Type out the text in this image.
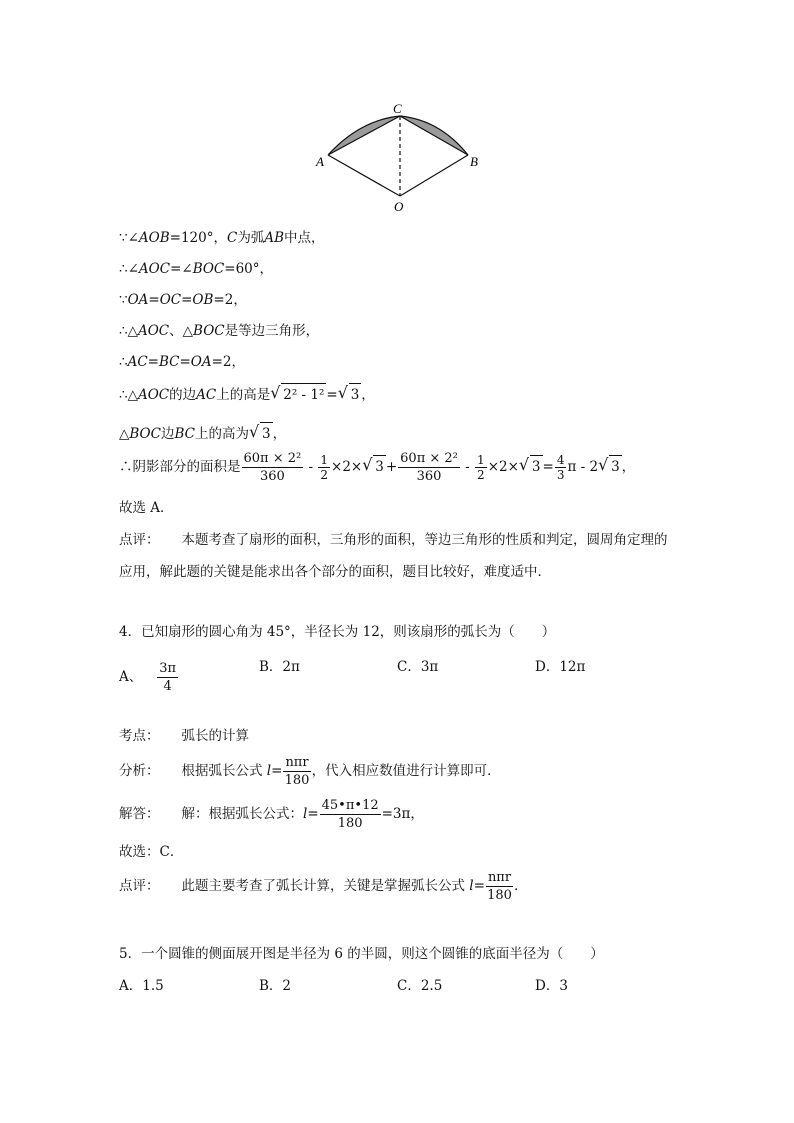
A	B
C
O
∵∠AOB=120°，C为弧AB中点，
∴∠AOC=∠BOC=60°，
∵OA=OC=OB=2，
∴△AOC、△BOC是等边三角形，
∴AC=BC=OA=2，
∴△AOC的边AC上的高是 √ 2² - 1² = √ 3 ，
△BOC边BC上的高为 √ 3 ，
∴阴影部分的面积是 $\frac{\text{60π × 2²}}{360} - \frac{1}{2} \times 2\times$ √ $3 + \frac{\text{60π × 2²}}{360} - \frac{1}{2} \times 2\times$ √ $3 = \frac{4}{3}$ π - 2 √ 3 ，
故选 A．
点评： 本题考查了扇形的面积，三角形的面积，等边三角形的性质和判定，圆周角定理的
应用，解此题的关键是能求出各个部分的面积，题目比较好，难度适中．
4．已知扇形的圆心角为 45°，半径长为 12，则该扇形的弧长为（　　）
A、 $\frac{3\pi}{4}$	B．2π	C．3π	D．12π
考点： 弧长的计算
分析： 根据弧长公式 $l= \frac{\text{nπr}}{180}$ ，代入相应数值进行计算即可．
解答： 解：根据弧长公式：$l= \frac{45•\pi•12}{180} =3\pi$，
故选：C．
点评： 此题主要考查了弧长计算，关键是掌握弧长公式 $l= \frac{\text{nπr}}{180}$ ．
5．一个圆锥的侧面展开图是半径为 6 的半圆，则这个圆锥的底面半径为（　　）
A．1.5	B．2	C．2.5	D．3
